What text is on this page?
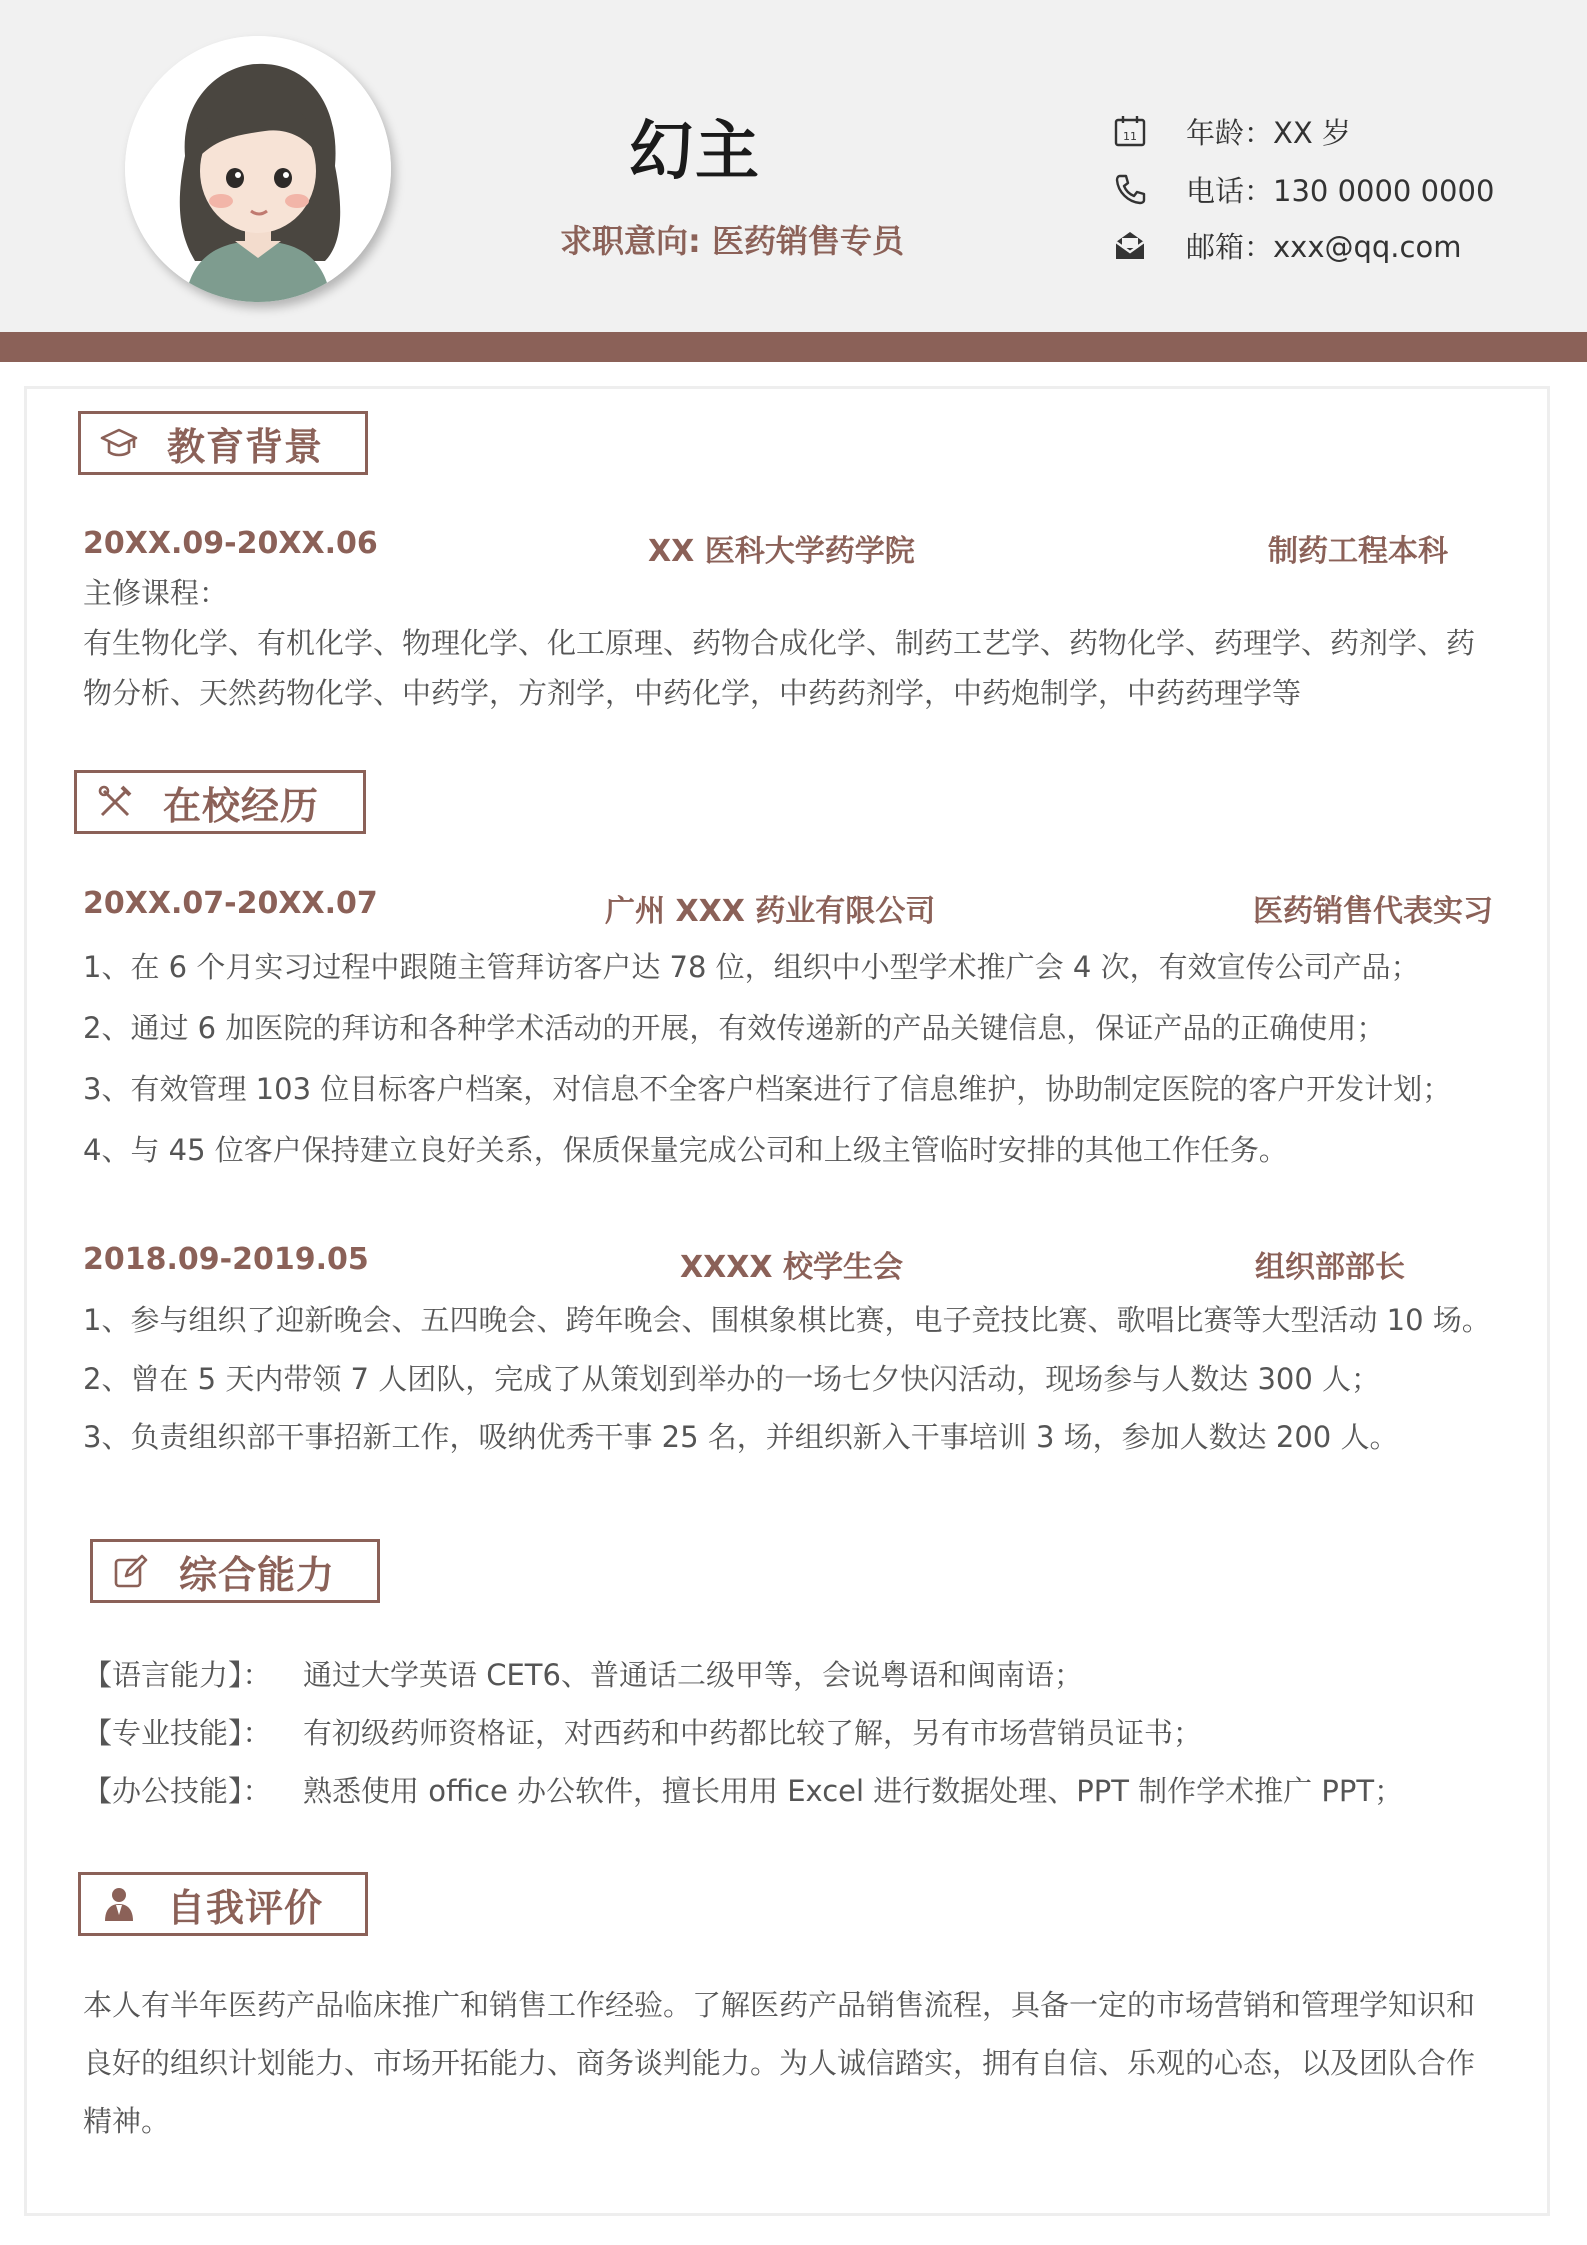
幻主
求职意向: 医药销售专员
11 年龄：XX 岁
电话：130 0000 0000
邮箱：xxx@qq.com
教育背景
20XX.09-20XX.06	XX 医科大学药学院	制药工程本科
主修课程：
有生物化学、有机化学、物理化学、化工原理、药物合成化学、制药工艺学、药物化学、药理学、药剂学、药
物分析、天然药物化学、中药学，方剂学，中药化学，中药药剂学，中药炮制学，中药药理学等
在校经历
20XX.07-20XX.07	广州 XXX 药业有限公司	医药销售代表实习
1、在 6 个月实习过程中跟随主管拜访客户达 78 位，组织中小型学术推广会 4 次，有效宣传公司产品；
2、通过 6 加医院的拜访和各种学术活动的开展，有效传递新的产品关键信息，保证产品的正确使用；
3、有效管理 103 位目标客户档案，对信息不全客户档案进行了信息维护，协助制定医院的客户开发计划；
4、与 45 位客户保持建立良好关系，保质保量完成公司和上级主管临时安排的其他工作任务。
2018.09-2019.05	XXXX 校学生会	组织部部长
1、参与组织了迎新晚会、五四晚会、跨年晚会、围棋象棋比赛，电子竞技比赛、歌唱比赛等大型活动 10 场。
2、曾在 5 天内带领 7 人团队，完成了从策划到举办的一场七夕快闪活动，现场参与人数达 300 人；
3、负责组织部干事招新工作，吸纳优秀干事 25 名，并组织新入干事培训 3 场，参加人数达 200 人。
综合能力
【语言能力】：	通过大学英语 CET6、普通话二级甲等，会说粤语和闽南语；
【专业技能】：	有初级药师资格证，对西药和中药都比较了解，另有市场营销员证书；
【办公技能】：	熟悉使用 office 办公软件，擅长用用 Excel 进行数据处理、PPT 制作学术推广 PPT；
自我评价
本人有半年医药产品临床推广和销售工作经验。了解医药产品销售流程，具备一定的市场营销和管理学知识和
良好的组织计划能力、市场开拓能力、商务谈判能力。为人诚信踏实，拥有自信、乐观的心态，以及团队合作
精神。
